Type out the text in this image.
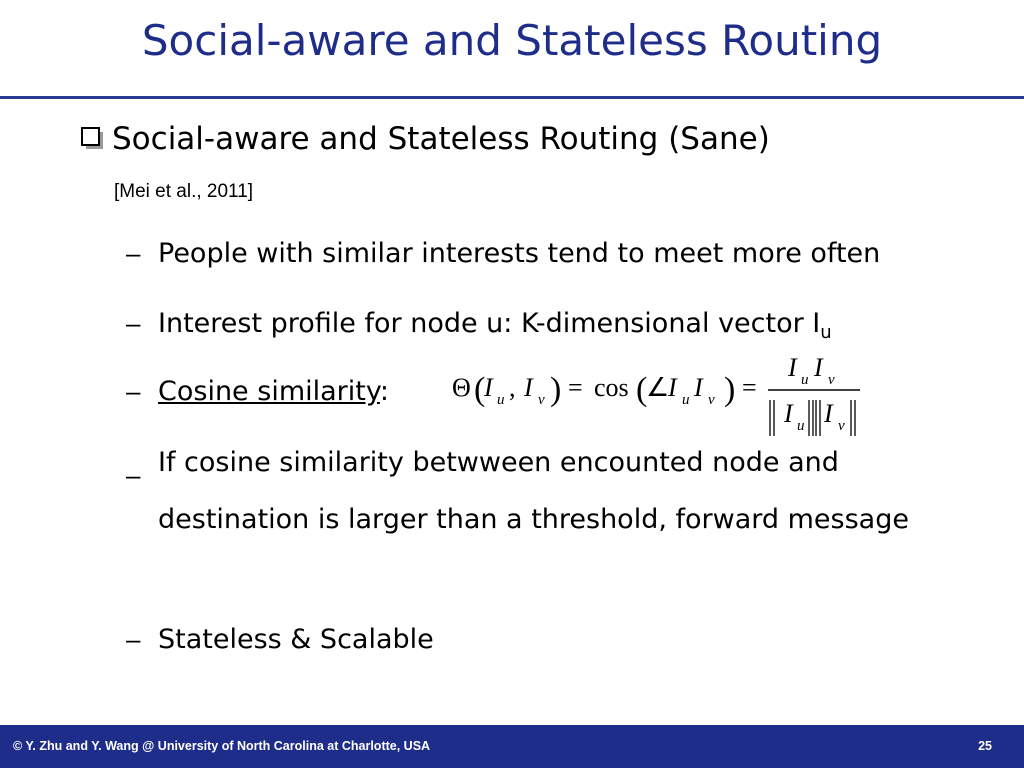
Social-aware and Stateless Routing
Social-aware and Stateless Routing (Sane)
[Mei et al., 2011]
– People with similar interests tend to meet more often
– Interest profile for node u: K-dimensional vector $I_u$
– Cosine similarity: Θ (
I u , I v ) = cos (
∠
I u I v ) =
I u I v
I u I v
– If cosine similarity betwween encounted node and destination is larger than a threshold, forward message
– Stateless & Scalable
© Y. Zhu and Y. Wang @ University of North Carolina at Charlotte, USA	25
